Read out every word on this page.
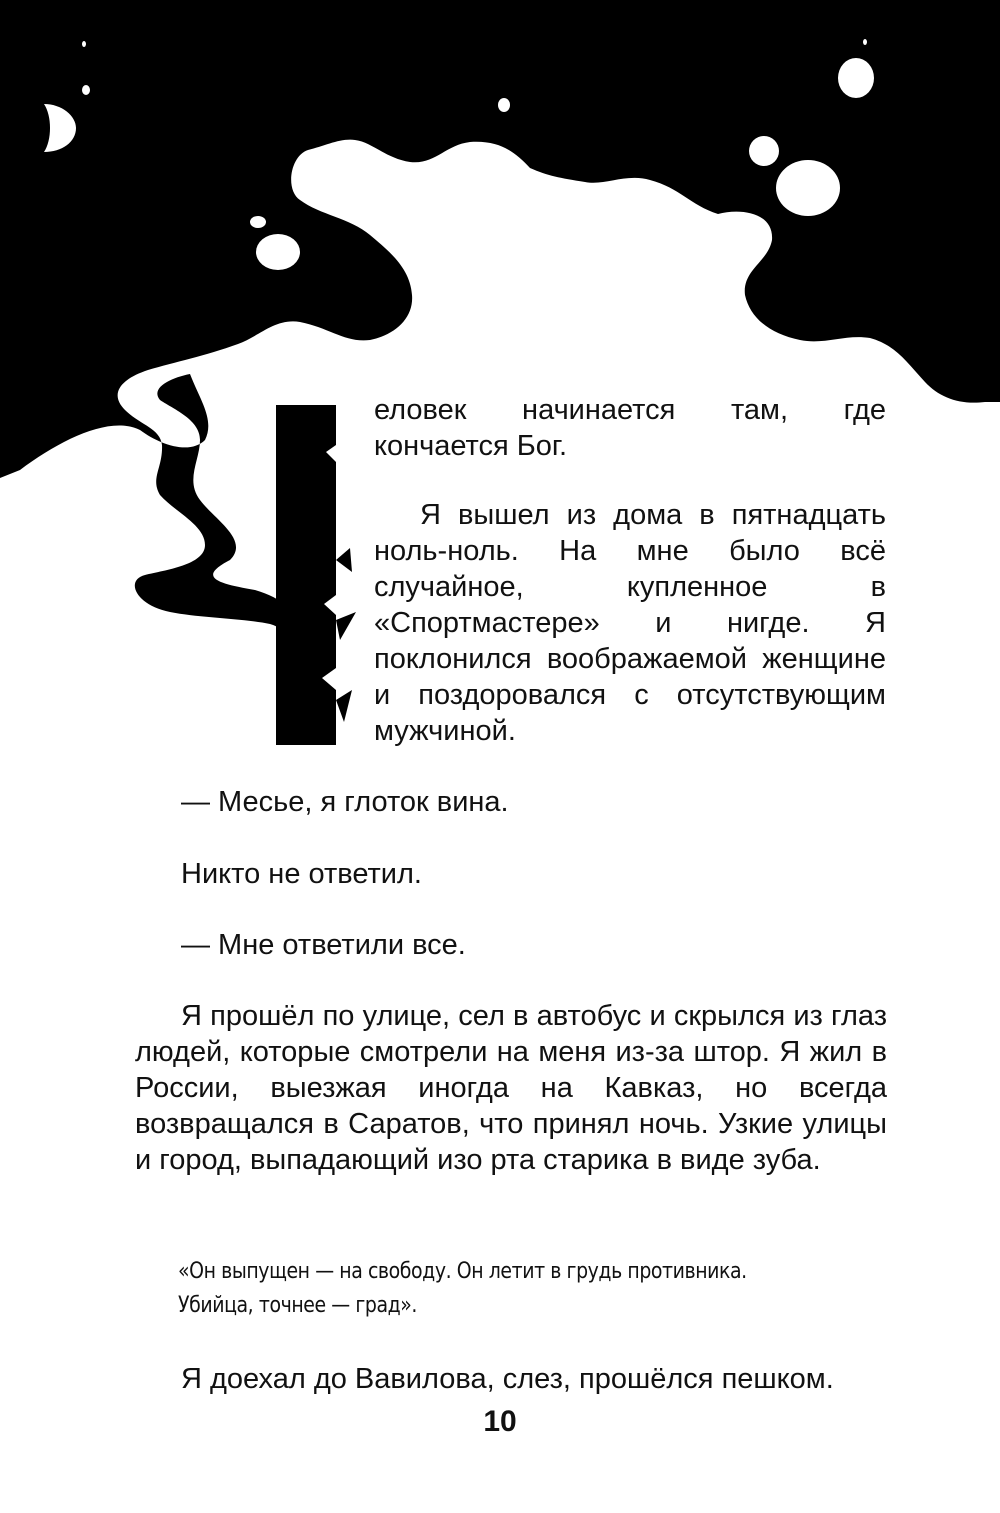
еловек начинается там, где кончается Бог.

Я вышел из дома в пятнадцать ноль-ноль. На мне было всё случайное, купленное в «Спортмастере» и нигде. Я поклонился воображаемой женщине и поздоровался с отсутствующим мужчиной.

— Месье, я глоток вина.

Никто не ответил.

— Мне ответили все.

Я прошёл по улице, сел в автобус и скрылся из глаз людей, которые смотрели на меня из-за штор. Я жил в России, выезжая иногда на Кавказ, но всегда возвращался в Саратов, что принял ночь. Узкие улицы и город, выпадающий изо рта старика в виде зуба.

«Он выпущен — на свободу. Он летит в грудь противника.
Убийца, точнее — град».

Я доехал до Вавилова, слез, прошёлся пешком.

10
